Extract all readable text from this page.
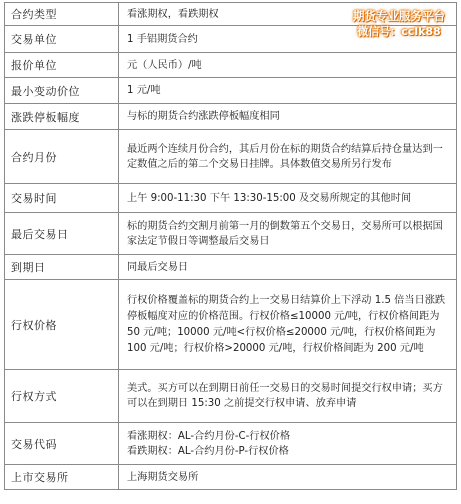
合约类型	看涨期权，看跌期权
交易单位	1 手铝期货合约
报价单位	元（人民币）/吨
最小变动价位	1 元/吨
涨跌停板幅度	与标的期货合约涨跌停板幅度相同
合约月份	最近两个连续月份合约，其后月份在标的期货合约结算后持仓量达到一定数值之后的第二个交易日挂牌。具体数值交易所另行发布
交易时间	上午 9:00-11:30 下午 13:30-15:00 及交易所规定的其他时间
最后交易日	标的期货合约交割月前第一月的倒数第五个交易日，交易所可以根据国家法定节假日等调整最后交易日
到期日	同最后交易日
行权价格	行权价格覆盖标的期货合约上一交易日结算价上下浮动 1.5 倍当日涨跌停板幅度对应的价格范围。行权价格≤10000 元/吨，行权价格间距为 50 元/吨；10000 元/吨<行权价格≤20000 元/吨，行权价格间距为 100 元/吨；行权价格>20000 元/吨，行权价格间距为 200 元/吨
行权方式	美式。买方可以在到期日前任一交易日的交易时间提交行权申请；买方可以在到期日 15:30 之前提交行权申请、放弃申请
交易代码	看涨期权：AL-合约月份-C-行权价格
看跌期权：AL-合约月份-P-行权价格

上市交易所	上海期货交易所
期货专业服务平台
微信号：cclk88
